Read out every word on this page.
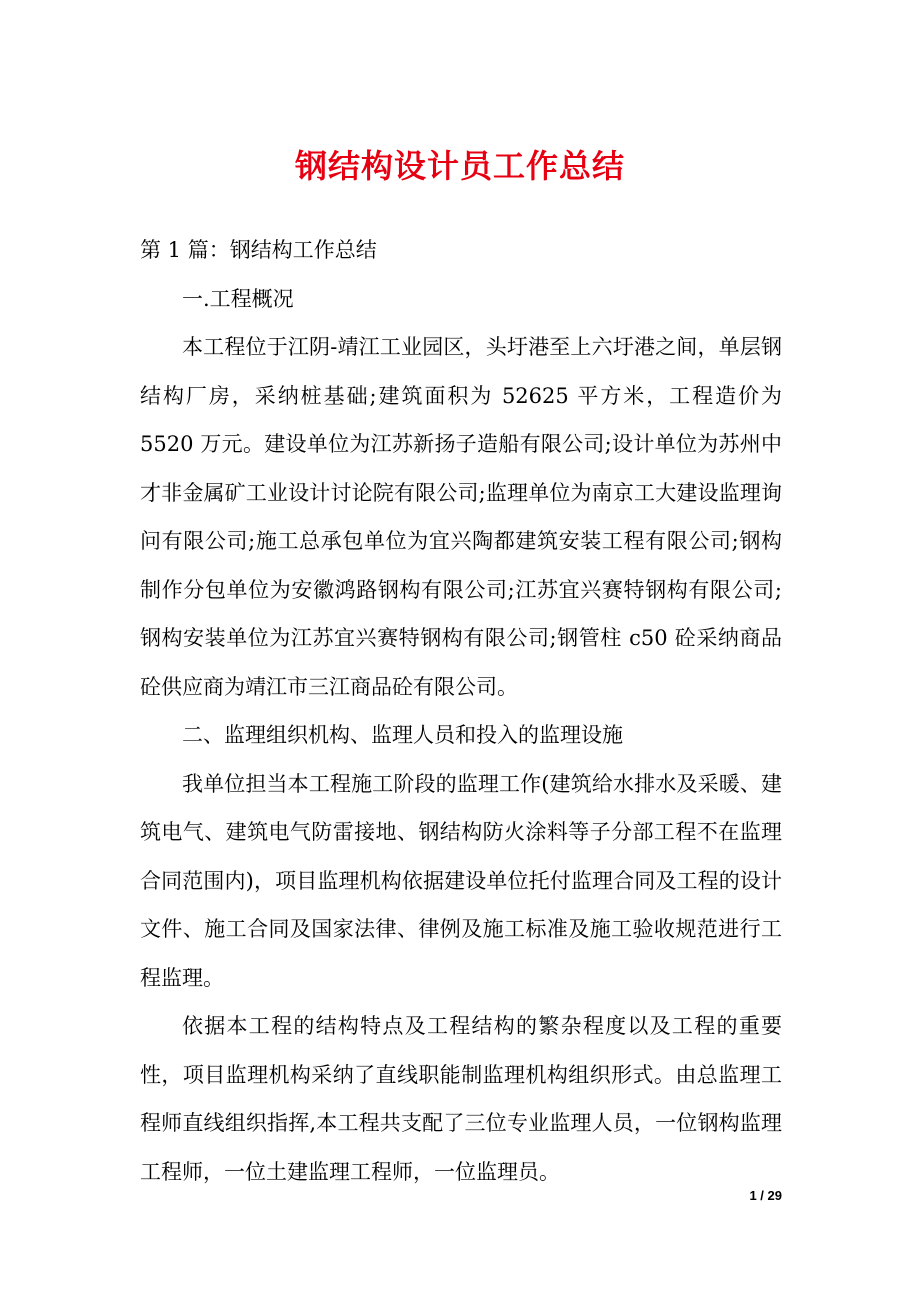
钢结构设计员工作总结

第 1 篇：钢结构工作总结

一.工程概况

本工程位于江阴-靖江工业园区，头圩港至上六圩港之间，单层钢结构厂房，采纳桩基础;建筑面积为 52625 平方米，工程造价为 5520 万元。建设单位为江苏新扬子造船有限公司;设计单位为苏州中才非金属矿工业设计讨论院有限公司;监理单位为南京工大建设监理询问有限公司;施工总承包单位为宜兴陶都建筑安装工程有限公司;钢构制作分包单位为安徽鸿路钢构有限公司;江苏宜兴赛特钢构有限公司;钢构安装单位为江苏宜兴赛特钢构有限公司;钢管柱 c50 砼采纳商品砼供应商为靖江市三江商品砼有限公司。

二、监理组织机构、监理人员和投入的监理设施

我单位担当本工程施工阶段的监理工作(建筑给水排水及采暖、建筑电气、建筑电气防雷接地、钢结构防火涂料等子分部工程不在监理合同范围内)，项目监理机构依据建设单位托付监理合同及工程的设计文件、施工合同及国家法律、律例及施工标准及施工验收规范进行工程监理。

依据本工程的结构特点及工程结构的繁杂程度以及工程的重要性，项目监理机构采纳了直线职能制监理机构组织形式。由总监理工程师直线组织指挥,本工程共支配了三位专业监理人员，一位钢构监理工程师，一位土建监理工程师，一位监理员。

1 / 29
